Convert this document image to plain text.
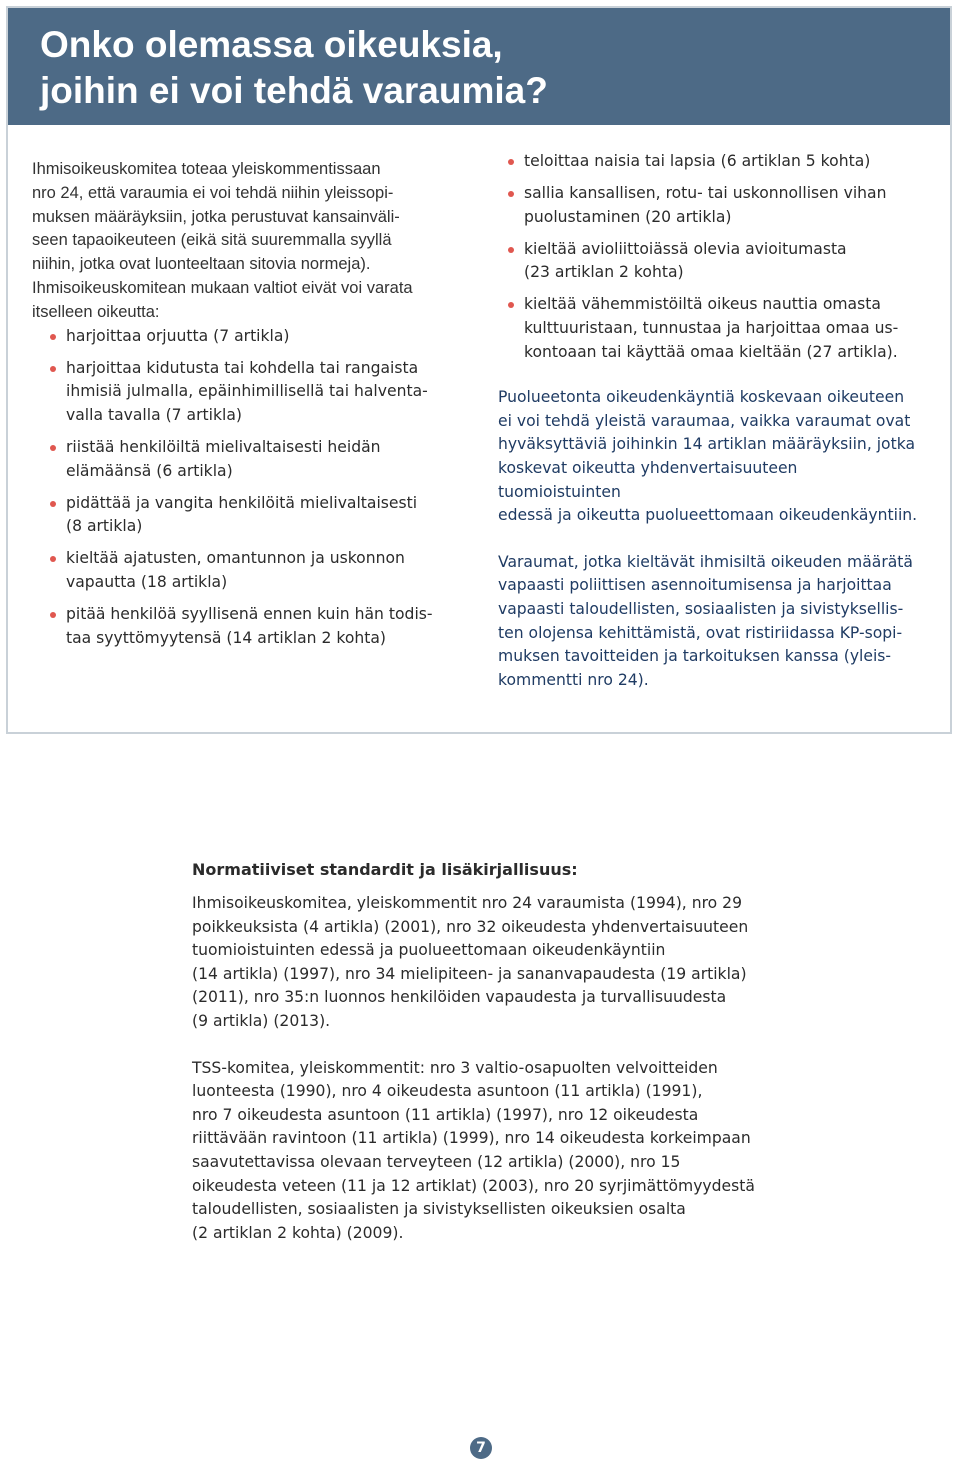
Onko olemassa oikeuksia,
joihin ei voi tehdä varaumia?

Ihmisoikeuskomitea toteaa yleiskommentissaan
nro 24, että varaumia ei voi tehdä niihin yleissopi-
muksen määräyksiin, jotka perustuvat kansainväli-
seen tapaoikeuteen (eikä sitä suuremmalla syyllä
niihin, jotka ovat luonteeltaan sitovia normeja).
Ihmisoikeuskomitean mukaan valtiot eivät voi varata
itselleen oikeutta:

harjoittaa orjuutta (7 artikla)
harjoittaa kidutusta tai kohdella tai rangaista
ihmisiä julmalla, epäinhimillisellä tai halventa-
valla tavalla (7 artikla)
riistää henkilöiltä mielivaltaisesti heidän
elämäänsä (6 artikla)
pidättää ja vangita henkilöitä mielivaltaisesti
(8 artikla)
kieltää ajatusten, omantunnon ja uskonnon
vapautta (18 artikla)
pitää henkilöä syyllisenä ennen kuin hän todis-
taa syyttömyytensä (14 artiklan 2 kohta)
teloittaa naisia tai lapsia (6 artiklan 5 kohta)
sallia kansallisen, rotu- tai uskonnollisen vihan
puolustaminen (20 artikla)
kieltää avioliittoiässä olevia avioitumasta
(23 artiklan 2 kohta)
kieltää vähemmistöiltä oikeus nauttia omasta
kulttuuristaan, tunnustaa ja harjoittaa omaa us-
kontoaan tai käyttää omaa kieltään (27 artikla).

Puolueetonta oikeudenkäyntiä koskevaan oikeuteen
ei voi tehdä yleistä varaumaa, vaikka varaumat ovat
hyväksyttäviä joihinkin 14 artiklan määräyksiin, jotka
koskevat oikeutta yhdenvertaisuuteen tuomioistuinten
edessä ja oikeutta puolueettomaan oikeudenkäyntiin.

Varaumat, jotka kieltävät ihmisiltä oikeuden määrätä
vapaasti poliittisen asennoitumisensa ja harjoittaa
vapaasti taloudellisten, sosiaalisten ja sivistyksellis-
ten olojensa kehittämistä, ovat ristiriidassa KP-sopi-
muksen tavoitteiden ja tarkoituksen kanssa (yleis-
kommentti nro 24).

Normatiiviset standardit ja lisäkirjallisuus:

Ihmisoikeuskomitea, yleiskommentit nro 24 varaumista (1994), nro 29
poikkeuksista (4 artikla) (2001), nro 32 oikeudesta yhdenvertaisuuteen
tuomioistuinten edessä ja puolueettomaan oikeudenkäyntiin
(14 artikla) (1997), nro 34 mielipiteen- ja sananvapaudesta (19 artikla)
(2011), nro 35:n luonnos henkilöiden vapaudesta ja turvallisuudesta
(9 artikla) (2013).

TSS-komitea, yleiskommentit: nro 3 valtio-osapuolten velvoitteiden
luonteesta (1990), nro 4 oikeudesta asuntoon (11 artikla) (1991),
nro 7 oikeudesta asuntoon (11 artikla) (1997), nro 12 oikeudesta
riittävään ravintoon (11 artikla) (1999), nro 14 oikeudesta korkeimpaan
saavutettavissa olevaan terveyteen (12 artikla) (2000), nro 15
oikeudesta veteen (11 ja 12 artiklat) (2003), nro 20 syrjimättömyydestä
taloudellisten, sosiaalisten ja sivistyksellisten oikeuksien osalta
(2 artiklan 2 kohta) (2009).

7
